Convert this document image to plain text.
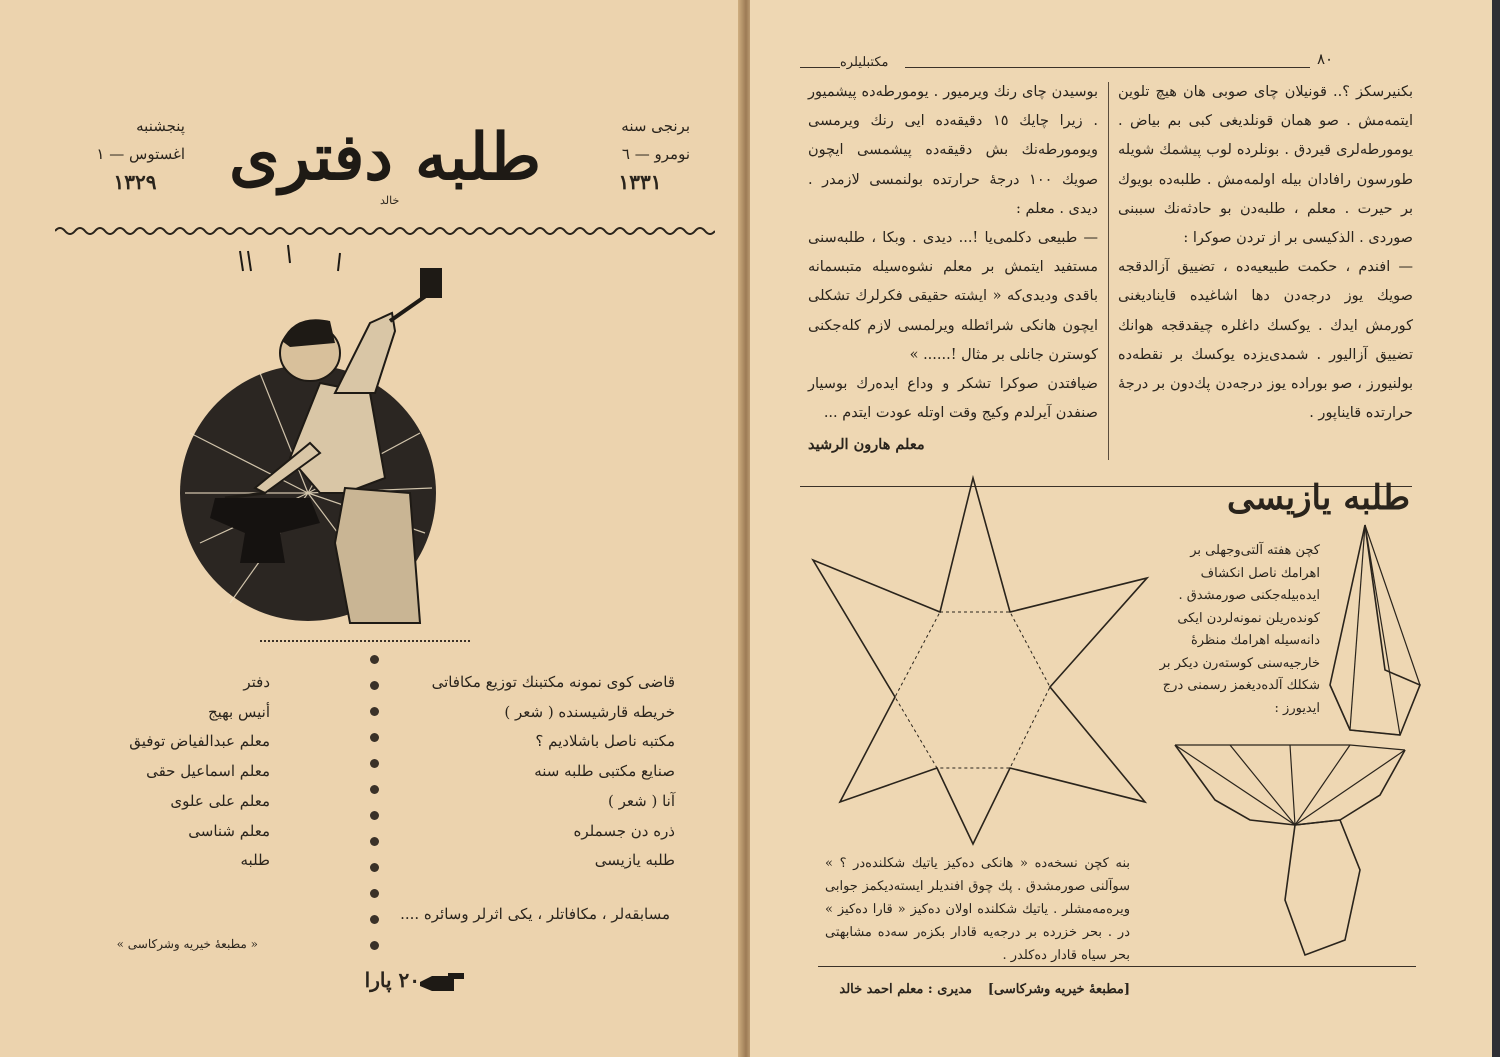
طلبه دفتری
خالد
برنجی سنه
نومرو — ٦
١٣٣١
پنجشنبه
اغستوس — ١
١٣٢٩
قاضی کوی نمونه مکتبنك توزیع مکافاتی
خریطه قارشیسنده ( شعر )
مکتبه ناصل باشلادیم ؟
صنایع مکتبی طلبه سنه
آنا ( شعر )
ذره دن جسملره
طلبه یازیسی
دفتر
أنیس بهیج
معلم عبدالفیاض توفیق
معلم اسماعیل حقی
معلم علی علوی
معلم شناسی
طلبه
مسابقه‌لر ، مکافاتلر ، یکی اثرلر وسائره ....
« مطبعهٔ خیریه وشرکاسی »
٢٠ پارا
مکتبلیلره	٨٠

بکنیرسکز ؟.. قونیلان چای صوبی هان هیچ تلوین ایتمەمش . صو همان قونلدیغی کبی بم بیاض . یومورطه‌لری قیردق . بونلرده لوب پیشمك شویله طورسون رافادان بیله اولمەمش . طلبه‌ده بویوك بر حیرت . معلم ، طلبه‌دن بو حادثه‌نك سببنی صوردی . الذکیسی بر از تردن صوکرا :

— افندم ، حکمت طبیعیه‌ده ، تضییق آزالدقجه صویك یوز درجه‌دن دها اشاغیده قایناديغنی کورمش ایدك . یوکسك داغلره چیقدقجه هوانك تضییق آزالیور . شمدی‌یزده یوکسك بر نقطه‌ده بولنیورز ، صو بوراده یوز درجه‌دن پك‌دون بر درجهٔ حرارتده قایناپور .

بوسیدن چای رنك ویرمیور . یومورطه‌ده پیشمیور . زیرا چایك ١٥ دقیقه‌ده ایی رنك ویرمسی ویومورطه‌نك بش دقیقه‌ده پیشمسی ایچون صویك ١٠٠ درجهٔ حرارتده بولنمسی لازمدر . دیدی . معلم :

— طبیعی دکلمی‌یا !... دیدی . وبکا ، طلبه‌سنی مستفید ایتمش بر معلم نشوه‌سیله متبسمانه باقدی ودیدی‌که « ایشته حقیقی فکرلرك تشکلی ایچون هانکی شرائطله ویرلمسی لازم کله‌جکنی کوسترن جانلی بر مثال !...... »

ضیافتدن صوکرا تشکر و وداع ایده‌رك بوسیار صنفدن آیرلدم وکیج وقت اوتله عودت ایتدم ...

معلم هارون الرشید
طلبه یازیسی
کچن هفته آلتی‌وجهلی بر اهرامك ناصل انکشاف ایده‌بیله‌جکنی صورمشدق . کوندەریلن نمونه‌لردن ایکی دانه‌سیله اهرامك منظرهٔ خارجیه‌سنی کوسته‌رن دیکر بر شکلك آلده‌دیغمز رسمنی درج ایدیورز :
بنه کچن نسخه‌ده « هانکی ده‌کیز یاتیك شکلنده‌در ؟ » سوآلنی صورمشدق . پك چوق افندیلر ایسته‌دیکمز جوابی ویره‌مه‌مشلر . یاتیك شکلنده اولان ده‌کیز « قارا ده‌کیز » در . بحر خزرده بر درجه‌یه قادار بکزه‌ر سه‌ده مشابهتی بحر سیاه قادار ده‌کلدر .
[مطبعهٔ خیریه وشرکاسی]
مدیری : معلم احمد خالد
